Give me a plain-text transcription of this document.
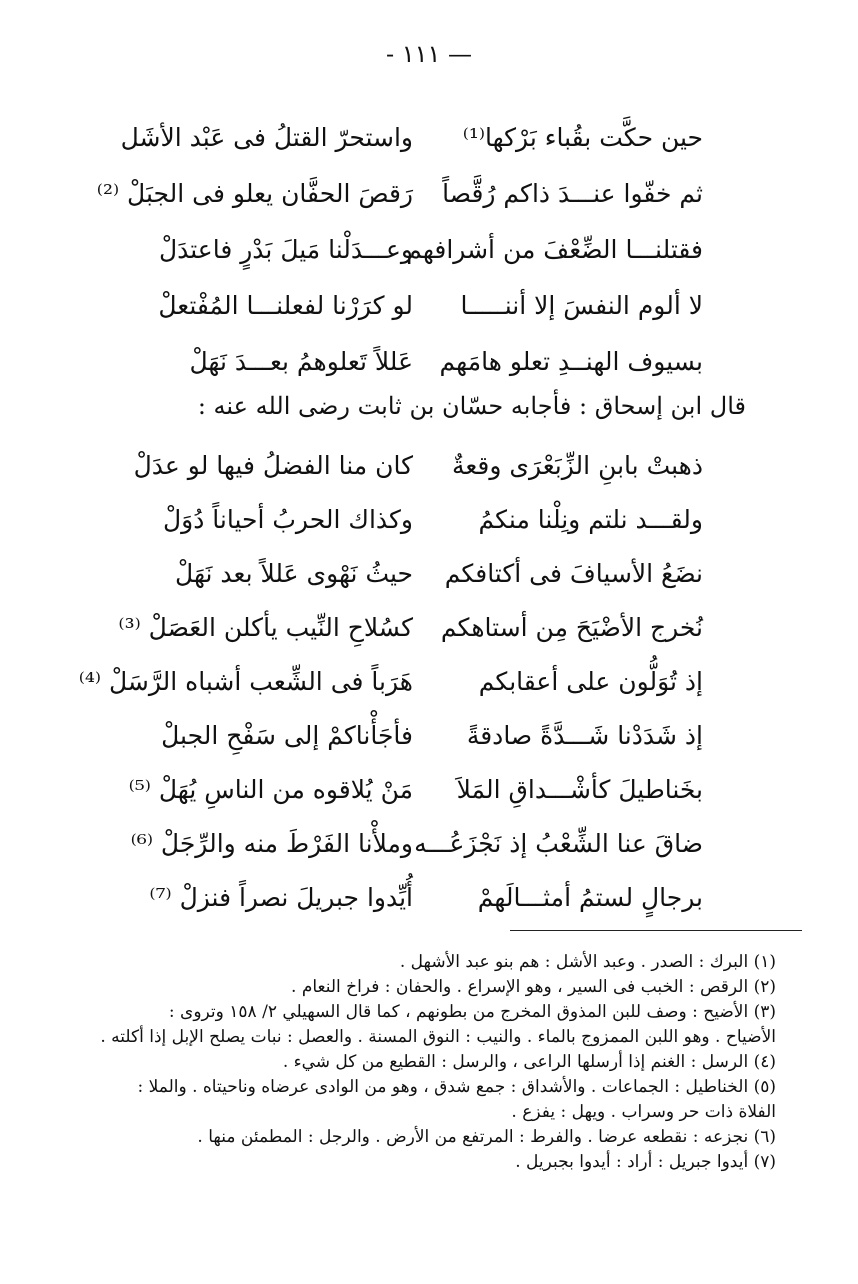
— ١١١ -
حين حكَّت بقُباء بَرْكها⁽¹⁾
واستحرّ القتلُ فى عَبْد الأشَل
ثم خفّوا عنـــدَ ذاكم رُقَّصاً
رَقصَ الحفَّان يعلو فى الجبَلْ ⁽²⁾
فقتلنـــا الضِّعْفَ من أشرافهم
وعـــدَلْنا مَيلَ بَدْرٍ فاعتدَلْ
لا ألوم النفسَ إلا أننـــــا
لو كرَرْنا لفعلنـــا المُفْتعلْ
بسيوف الهنــدِ تعلو هامَهم
عَللاً تَعلوهمُ بعـــدَ نَهَلْ
قال ابن إسحاق : فأجابه حسّان بن ثابت رضى الله عنه :
ذهبتْ بابنِ الزِّبَعْرَى وقعةٌ
كان منا الفضلُ فيها لو عدَلْ
ولقـــد نلتم ونِلْنا منكمُ
وكذاك الحربُ أحياناً دُوَلْ
نضَعُ الأسيافَ فى أكتافكم
حيثُ نَهْوى عَللاً بعد نَهَلْ
نُخرج الأضْيَحَ مِن أستاهكم
كسُلاحِ النِّيب يأكلن العَصَلْ ⁽³⁾
إذ تُوَلُّون على أعقابكم
هَرَباً فى الشِّعب أشباه الرَّسَلْ ⁽⁴⁾
إذ شَدَدْنا شَـــدَّةً صادقةً
فأجَأْناكمْ إلى سَفْحِ الجبلْ
بخَناطيلَ كأشْـــداقِ المَلاَ
مَنْ يُلاقوه من الناسِ يُهَلْ ⁽⁵⁾
ضاقَ عنا الشِّعْبُ إذ نَجْزَعُـــه
وملأْنا الفَرْطَ منه والرِّجَلْ ⁽⁶⁾
برجالٍ لستمُ أمثـــالَهمْ
أُيِّدوا جبريلَ نصراً فنزلْ ⁽⁷⁾

(١) البرك : الصدر . وعبد الأشل : هم بنو عبد الأشهل .

(٢) الرقص : الخبب فى السير ، وهو الإسراع . والحفان : فراخ النعام .

(٣) الأضيح : وصف للبن المذوق المخرج من بطونهم ، كما قال السهيلي ٢/ ١٥٨ وتروى :

الأضياح . وهو اللبن الممزوج بالماء . والنيب : النوق المسنة . والعصل : نبات يصلح الإبل إذا أكلته .

(٤) الرسل : الغنم إذا أرسلها الراعى ، والرسل : القطيع من كل شيء .

(٥) الخناطيل : الجماعات . والأشداق : جمع شدق ، وهو من الوادى عرضاه وناحيتاه . والملا :

الفلاة ذات حر وسراب . ويهل : يفزع .

(٦) نجزعه : نقطعه عرضا . والفرط : المرتفع من الأرض . والرجل : المطمئن منها .

(٧) أيدوا جبريل : أراد : أيدوا بجبريل .
